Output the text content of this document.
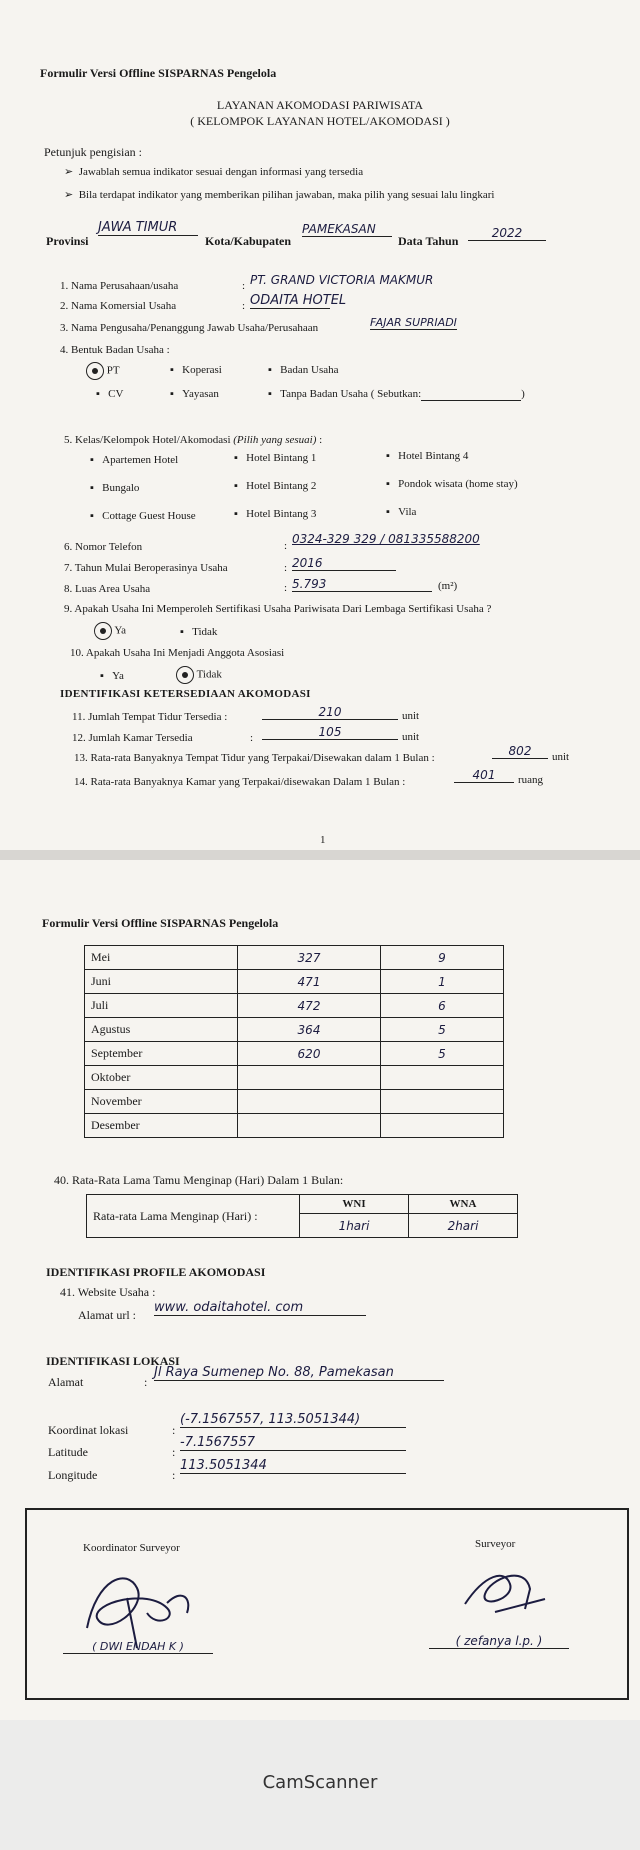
Formulir Versi Offline SISPARNAS Pengelola
LAYANAN AKOMODASI PARIWISATA
( KELOMPOK LAYANAN HOTEL/AKOMODASI )
Petunjuk pengisian :
➢  Jawablah semua indikator sesuai dengan informasi yang tersedia
➢  Bila terdapat indikator yang memberikan pilihan jawaban, maka pilih yang sesuai lalu lingkari
Provinsi
JAWA TIMUR
Kota/Kabupaten
PAMEKASAN
Data Tahun
2022
1. Nama Perusahaan/usaha	: PT. GRAND VICTORIA MAKMUR
2. Nama Komersial Usaha	: ODAITA HOTEL
3. Nama Pengusaha/Penanggung Jawab Usaha/Perusahaan	FAJAR SUPRIADI
4. Bentuk Badan Usaha :
PT	▪   Koperasi	▪   Badan Usaha
▪   CV	▪   Yayasan	▪   Tanpa Badan Usaha ( Sebutkan:	)
5. Kelas/Kelompok Hotel/Akomodasi (Pilih yang sesuai) :
▪   Apartemen Hotel	▪   Hotel Bintang 1	▪   Hotel Bintang 4
▪   Bungalo	▪   Hotel Bintang 2	▪   Pondok wisata (home stay)
▪   Cottage Guest House	▪   Hotel Bintang 3	▪   Vila
6. Nomor Telefon	: 0324-329 329 / 081335588200
7. Tahun Mulai Beroperasinya Usaha	: 2016
8. Luas Area Usaha	: 5.793	(m²)
9. Apakah Usaha Ini Memperoleh Sertifikasi Usaha Pariwisata Dari Lembaga Sertifikasi Usaha ?
Ya	▪   Tidak
10. Apakah Usaha Ini Menjadi Anggota Asosiasi
▪   Ya	Tidak
IDENTIFIKASI KETERSEDIAAN AKOMODASI
11. Jumlah Tempat Tidur Tersedia :	210	unit
12. Jumlah Kamar Tersedia	:	105	unit
13. Rata-rata Banyaknya Tempat Tidur yang Terpakai/Disewakan dalam 1 Bulan :	802	unit
14. Rata-rata Banyaknya Kamar yang Terpakai/disewakan Dalam 1 Bulan :	401	ruang
1
Formulir Versi Offline SISPARNAS Pengelola
Mei	327	9
Juni	471	1
Juli	472	6
Agustus	364	5
September	620	5
Oktober		
November		
Desember		
40. Rata-Rata Lama Tamu Menginap (Hari) Dalam 1 Bulan:
Rata-rata Lama Menginap (Hari) :	WNI	WNA
	1hari	2hari
IDENTIFIKASI PROFILE AKOMODASI
41. Website Usaha :
Alamat url : www. odaitahotel. com
IDENTIFIKASI LOKASI
Alamat	:
Jl Raya Sumenep No. 88, Pamekasan
Koordinat lokasi	:
(-7.1567557, 113.5051344)
Latitude	:
-7.1567557
Longitude	:
113.5051344
Koordinator Surveyor
( DWI ENDAH K )
Surveyor
( zefanya l.p. )
CamScanner
